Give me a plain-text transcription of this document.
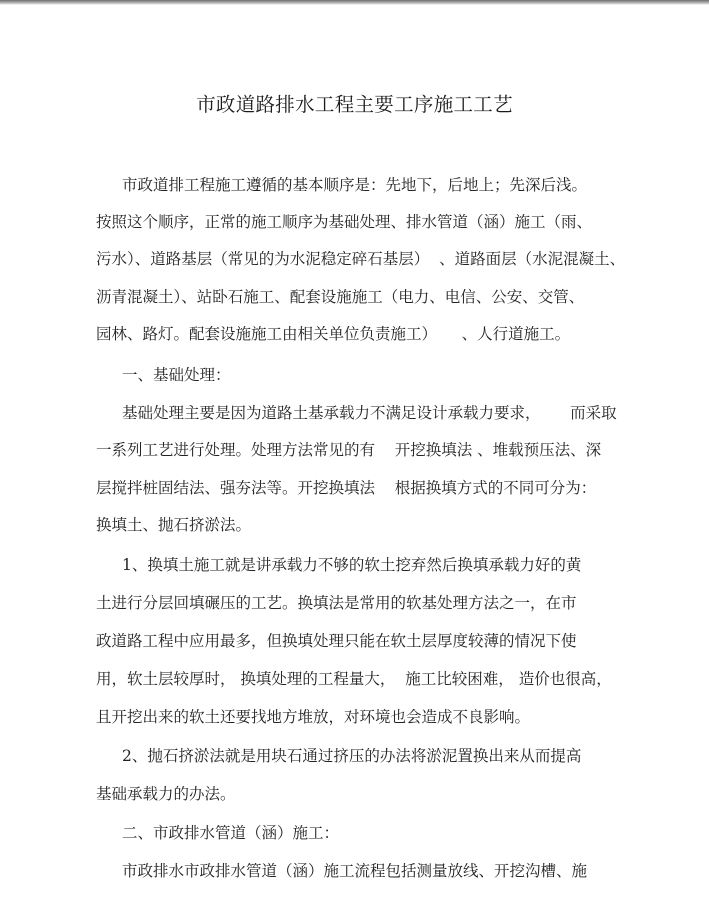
市政道路排水工程主要工序施工工艺
市政道排工程施工遵循的基本顺序是：先地下，后地上；先深后浅。
按照这个顺序，正常的施工顺序为基础处理、排水管道（涵）施工（雨、
污水）、道路基层（常见的为水泥稳定碎石基层）  、道路面层（水泥混凝土、
沥青混凝土）、站卧石施工、配套设施施工（电力、电信、公安、交管、
园林、路灯。配套设施施工由相关单位负责施工）     、人行道施工。
一、基础处理：
基础处理主要是因为道路土基承载力不满足设计承载力要求，      而采取
一系列工艺进行处理。处理方法常见的有    开挖换填法 、堆载预压法、深
层搅拌桩固结法、强夯法等。开挖换填法    根据换填方式的不同可分为：
换填土、抛石挤淤法。
1、换填土施工就是讲承载力不够的软土挖弃然后换填承载力好的黄
土进行分层回填碾压的工艺。换填法是常用的软基处理方法之一，在市
政道路工程中应用最多，但换填处理只能在软土层厚度较薄的情况下使
用，软土层较厚时， 换填处理的工程量大，  施工比较困难， 造价也很高，
且开挖出来的软土还要找地方堆放，对环境也会造成不良影响。
2、抛石挤淤法就是用块石通过挤压的办法将淤泥置换出来从而提高
基础承载力的办法。
二、市政排水管道（涵）施工：
市政排水市政排水管道（涵）施工流程包括测量放线、开挖沟槽、施
